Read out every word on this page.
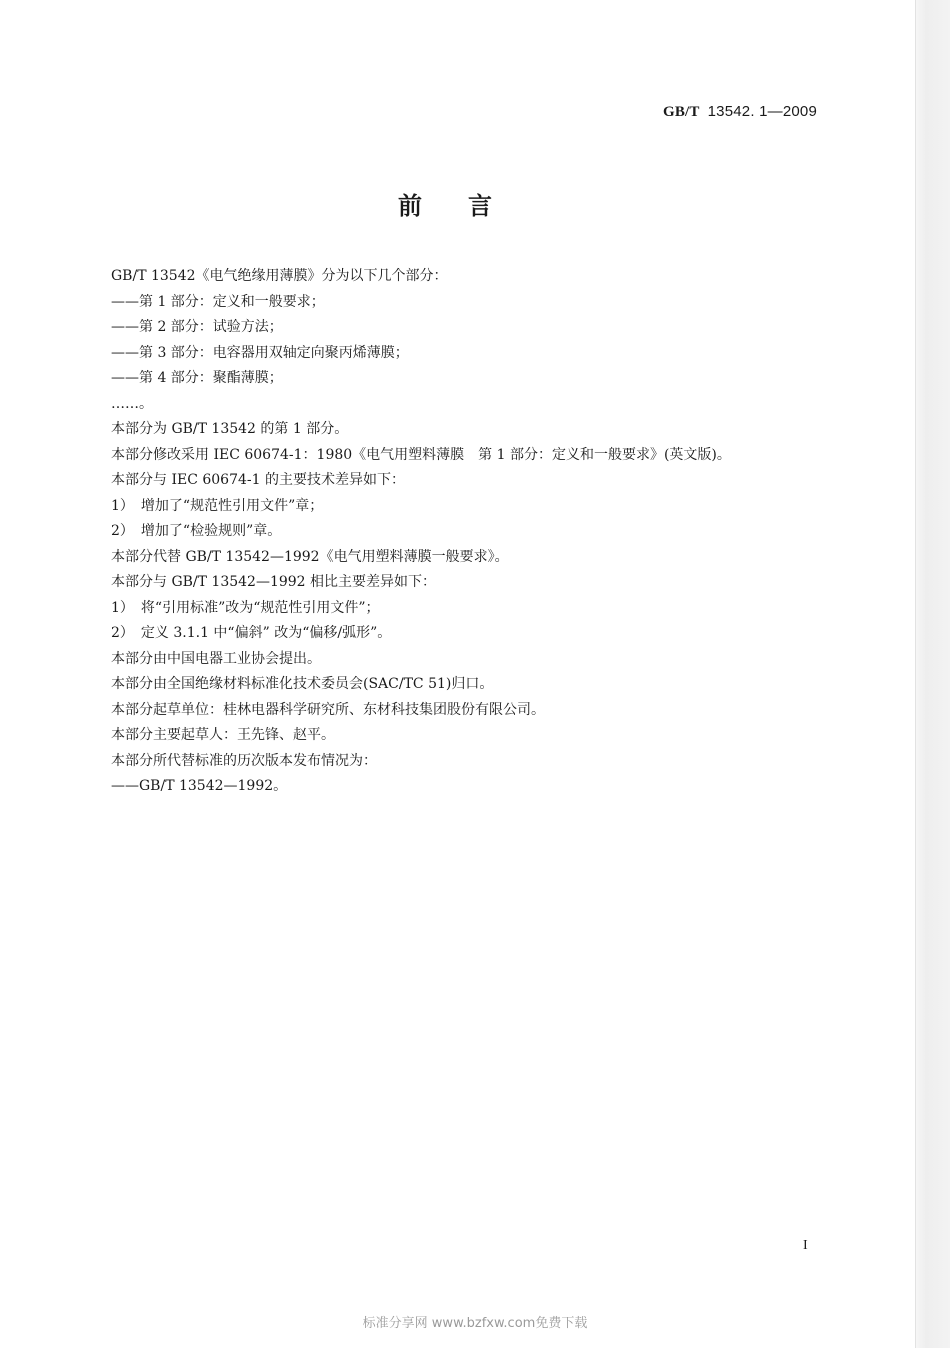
GB/T 13542. 1—2009
前言
GB/T 13542《电气绝缘用薄膜》分为以下几个部分：
——第 1 部分：定义和一般要求；
——第 2 部分：试验方法；
——第 3 部分：电容器用双轴定向聚丙烯薄膜；
——第 4 部分：聚酯薄膜；
……。
本部分为 GB/T 13542 的第 1 部分。
本部分修改采用 IEC 60674-1：1980《电气用塑料薄膜　第 1 部分：定义和一般要求》(英文版)。
本部分与 IEC 60674-1 的主要技术差异如下：
1）　增加了“规范性引用文件”章；
2）　增加了“检验规则”章。
本部分代替 GB/T 13542—1992《电气用塑料薄膜一般要求》。
本部分与 GB/T 13542—1992 相比主要差异如下：
1）　将“引用标准”改为“规范性引用文件”；
2）　定义 3.1.1 中“偏斜” 改为“偏移/弧形”。
本部分由中国电器工业协会提出。
本部分由全国绝缘材料标准化技术委员会(SAC/TC 51)归口。
本部分起草单位：桂林电器科学研究所、东材科技集团股份有限公司。
本部分主要起草人：王先锋、赵平。
本部分所代替标准的历次版本发布情况为：
——GB/T 13542—1992。
I
标准分享网 www.bzfxw.com免费下载
